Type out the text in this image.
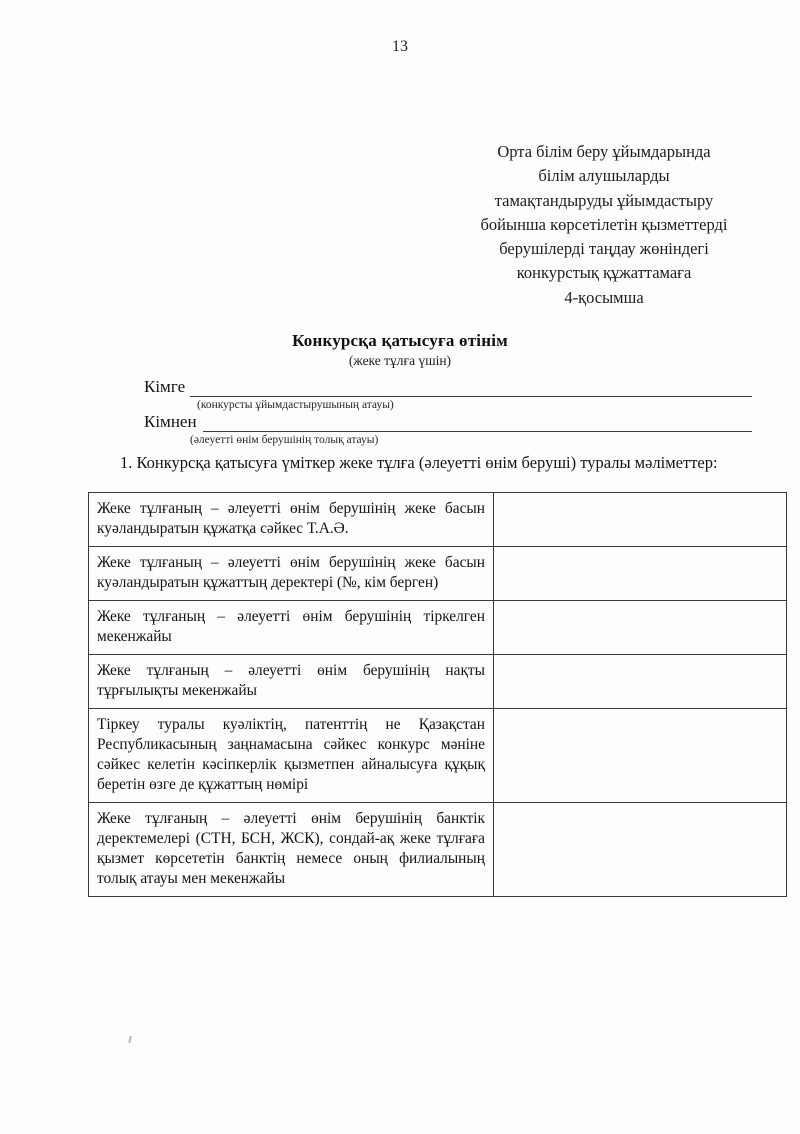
13
Орта білім беру ұйымдарында
білім алушыларды
тамақтандыруды ұйымдастыру
бойынша көрсетілетін қызметтерді
берушілерді таңдау жөніндегі
конкурстық құжаттамаға
4-қосымша
Конкурсқа қатысуға өтінім
(жеке тұлға үшін)
Кімге
(конкурсты ұйымдастырушының атауы)
Кімнен
(әлеуетті өнім берушінің толық атауы)
1. Конкурсқа қатысуға үміткер жеке тұлға (әлеуетті өнім беруші) туралы мәліметтер:
Жеке тұлғаның – әлеуетті өнім берушінің жеке басын куәландыратын құжатқа сәйкес Т.А.Ә.	
Жеке тұлғаның – әлеуетті өнім берушінің жеке басын куәландыратын құжаттың деректері (№, кім берген)	
Жеке тұлғаның – әлеуетті өнім берушінің тіркелген мекенжайы	
Жеке тұлғаның – әлеуетті өнім берушінің нақты тұрғылықты мекенжайы	
Тіркеу туралы куәліктің, патенттің не Қазақстан Республикасының заңнамасына сәйкес конкурс мәніне сәйкес келетін кәсіпкерлік қызметпен айналысуға құқық беретін өзге де құжаттың нөмірі	
Жеке тұлғаның – әлеуетті өнім берушінің банктік деректемелері (СТН, БСН, ЖСК), сондай-ақ жеке тұлғаға қызмет көрсететін банктің немесе оның филиалының толық атауы мен мекенжайы	
